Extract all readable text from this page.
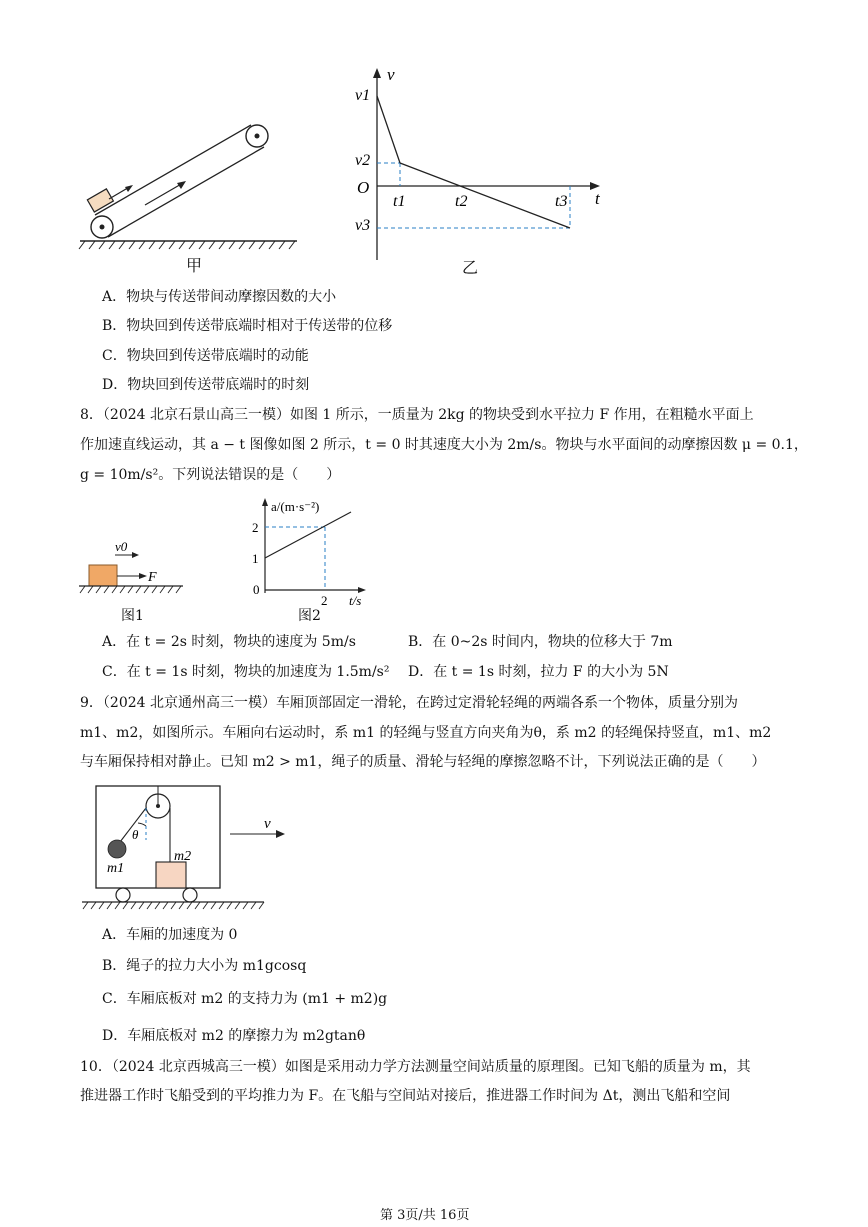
甲
v
t
O
v1
v2
v3
t1	t2	t3
乙
A．物块与传送带间动摩擦因数的大小
B．物块回到传送带底端时相对于传送带的位移
C．物块回到传送带底端时的动能
D．物块回到传送带底端时的时刻
8．（2024 北京石景山高三一模）如图 1 所示，一质量为 2kg 的物块受到水平拉力 F 作用，在粗糙水平面上
作加速直线运动，其 a − t 图像如图 2 所示，t = 0 时其速度大小为 2m/s。物块与水平面间的动摩擦因数 μ = 0.1，
g = 10m/s²。下列说法错误的是（　　）
v0
F
图1
a/(m·s⁻²)
2
1
0
2 t/s
图2
A．在 t = 2s 时刻，物块的速度为 5m/s	B．在 0~2s 时间内，物块的位移大于 7m
C．在 t = 1s 时刻，物块的加速度为 1.5m/s² D．在 t = 1s 时刻，拉力 F 的大小为 5N
9．（2024 北京通州高三一模）车厢顶部固定一滑轮，在跨过定滑轮轻绳的两端各系一个物体，质量分别为
m1、m2，如图所示。车厢向右运动时，系 m1 的轻绳与竖直方向夹角为θ，系 m2 的轻绳保持竖直，m1、m2
与车厢保持相对静止。已知 m2 > m1，绳子的质量、滑轮与轻绳的摩擦忽略不计，下列说法正确的是（　　）
θ
m1
m2
v
A．车厢的加速度为 0
B．绳子的拉力大小为 m1gcosq
C．车厢底板对 m2 的支持力为 (m1 + m2)g
D．车厢底板对 m2 的摩擦力为 m2gtanθ
10．（2024 北京西城高三一模）如图是采用动力学方法测量空间站质量的原理图。已知飞船的质量为 m，其
推进器工作时飞船受到的平均推力为 F。在飞船与空间站对接后，推进器工作时间为 Δt，测出飞船和空间
第 3页/共 16页
